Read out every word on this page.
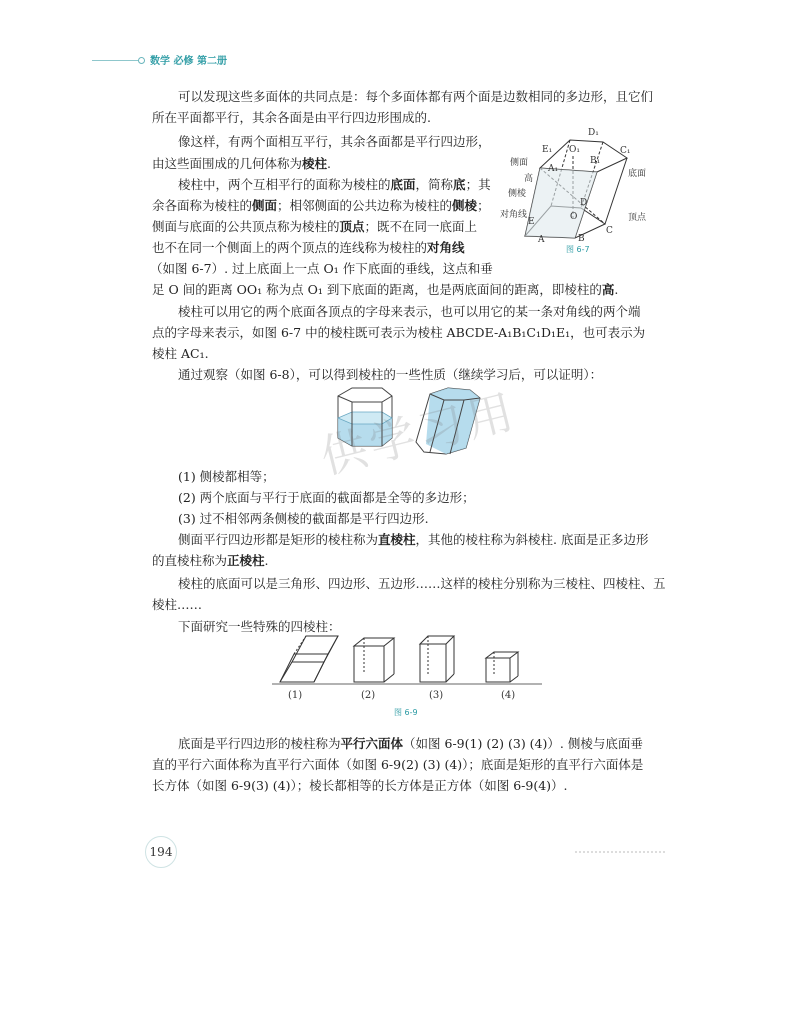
数学 必修 第二册
可以发现这些多面体的共同点是：每个多面体都有两个面是边数相同的多边形，且它们
所在平面都平行，其余各面是由平行四边形围成的.
像这样，有两个面相互平行，其余各面都是平行四边形，
由这些面围成的几何体称为棱柱.
棱柱中，两个互相平行的面称为棱柱的底面，简称底；其
余各面称为棱柱的侧面；相邻侧面的公共边称为棱柱的侧棱；
侧面与底面的公共顶点称为棱柱的顶点；既不在同一底面上
也不在同一个侧面上的两个顶点的连线称为棱柱的对角线
（如图 6-7）. 过上底面上一点 O₁ 作下底面的垂线，这点和垂
足 O 间的距离 OO₁ 称为点 O₁ 到下底面的距离，也是两底面间的距离，即棱柱的高.
棱柱可以用它的两个底面各顶点的字母来表示，也可以用它的某一条对角线的两个端
点的字母来表示，如图 6-7 中的棱柱既可表示为棱柱 ABCDE-A₁B₁C₁D₁E₁，也可表示为
棱柱 AC₁.
通过观察（如图 6-8），可以得到棱柱的一些性质（继续学习后，可以证明）：
D₁
E₁ O₁
A₁
B₁
C₁
侧面
高
侧棱
对角线
底面
顶点
D
E	O
A	B
C
图 6-7
供学习用
(1) 侧棱都相等；
(2) 两个底面与平行于底面的截面都是全等的多边形；
(3) 过不相邻两条侧棱的截面都是平行四边形.
侧面平行四边形都是矩形的棱柱称为直棱柱，其他的棱柱称为斜棱柱. 底面是正多边形
的直棱柱称为正棱柱.
棱柱的底面可以是三角形、四边形、五边形……这样的棱柱分别称为三棱柱、四棱柱、五
棱柱……
下面研究一些特殊的四棱柱：
(1)	(2)	(3)	(4)
图 6-9
底面是平行四边形的棱柱称为平行六面体（如图 6-9(1) (2) (3) (4)）. 侧棱与底面垂
直的平行六面体称为直平行六面体（如图 6-9(2) (3) (4)）；底面是矩形的直平行六面体是
长方体（如图 6-9(3) (4)）；棱长都相等的长方体是正方体（如图 6-9(4)）.
194
